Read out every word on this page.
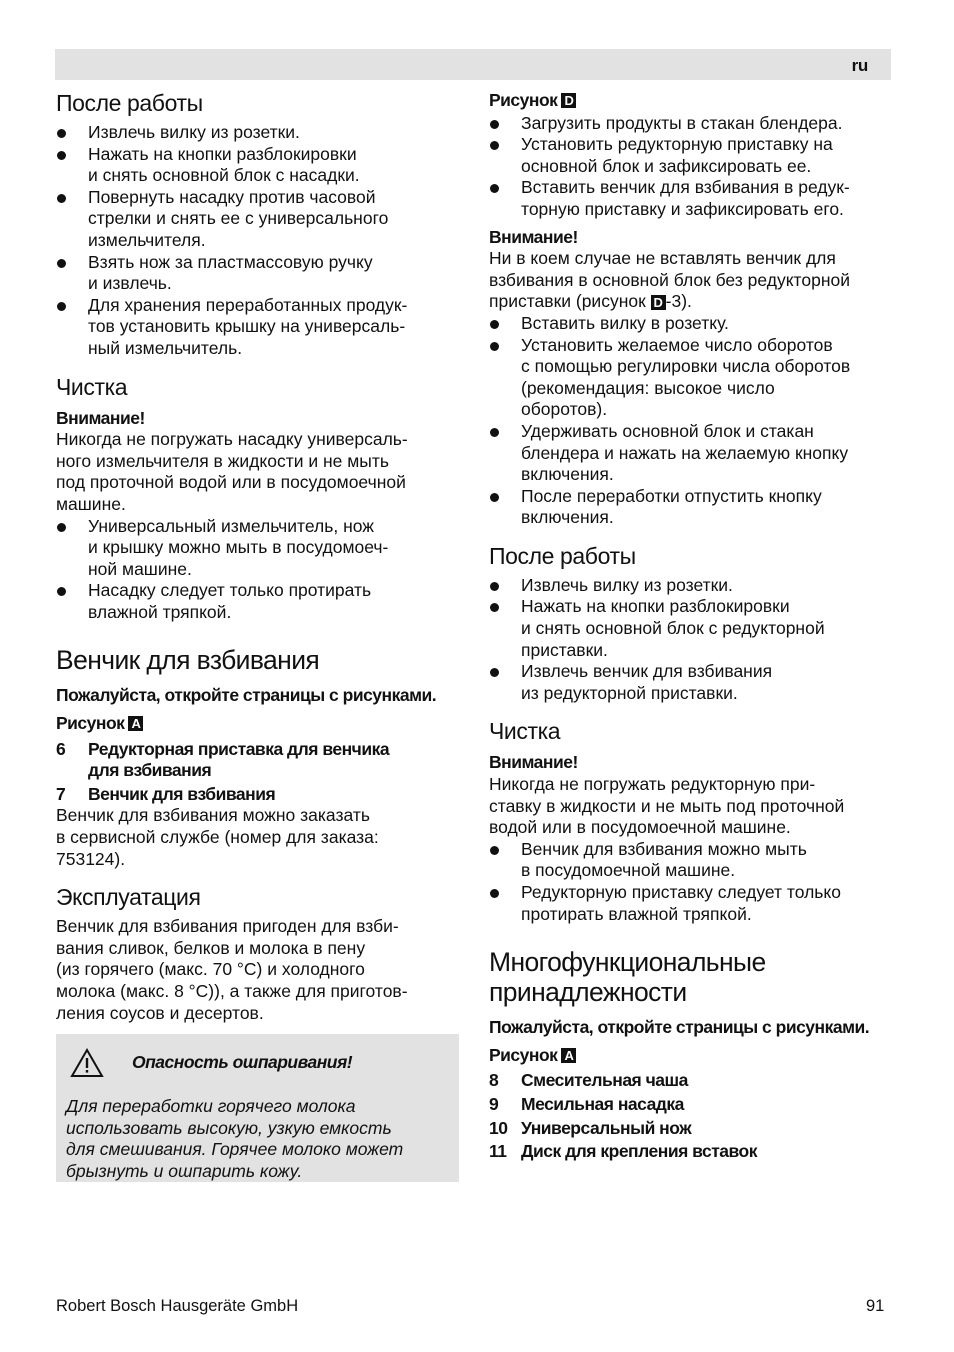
ru
После работы
Извлечь вилку из розетки.
Нажать на кнопки разблокировки
и снять основной блок с насадки.
Повернуть насадку против часовой
стрелки и снять ее с универсального
измельчителя.
Взять нож за пластмассовую ручку
и извлечь.
Для хранения переработанных продук-
тов установить крышку на универсаль-
ный измельчитель.
Чистка

Внимание!

Никогда не погружать насадку универсаль-
ного измельчителя в жидкости и не мыть
под проточной водой или в посудомоечной
машине.

Универсальный измельчитель, нож
и крышку можно мыть в посудомоеч-
ной машине.
Насадку следует только протирать
влажной тряпкой.
Венчик для взбивания

Пожалуйста, откройте страницы с рисунками.

Рисунок A

6	Редукторная приставка для венчика
для взбивания
7	Венчик для взбивания

Венчик для взбивания можно заказать
в сервисной службе (номер для заказа:
753124).

Эксплуатация

Венчик для взбивания пригоден для взби-
вания сливок, белков и молока в пену
(из горячего (макс. 70 °C) и холодного
молока (макс. 8 °C)), а также для приготов-
ления соусов и десертов.

Опасность ошпаривания!

Для переработки горячего молока
использовать высокую, узкую емкость
для смешивания. Горячее молоко может
брызнуть и ошпарить кожу.

Рисунок D

Загрузить продукты в стакан блендера.
Установить редукторную приставку на
основной блок и зафиксировать ее.
Вставить венчик для взбивания в редук-
торную приставку и зафиксировать его.

Внимание!

Ни в коем случае не вставлять венчик для
взбивания в основной блок без редукторной
приставки (рисунок D -3).

Вставить вилку в розетку.
Установить желаемое число оборотов
с помощью регулировки числа оборотов
(рекомендация: высокое число
оборотов).
Удерживать основной блок и стакан
блендера и нажать на желаемую кнопку
включения.
После переработки отпустить кнопку
включения.
После работы
Извлечь вилку из розетки.
Нажать на кнопки разблокировки
и снять основной блок с редукторной
приставки.
Извлечь венчик для взбивания
из редукторной приставки.
Чистка

Внимание!

Никогда не погружать редукторную при-
ставку в жидкости и не мыть под проточной
водой или в посудомоечной машине.

Венчик для взбивания можно мыть
в посудомоечной машине.
Редукторную приставку следует только
протирать влажной тряпкой.
Многофункциональные
принадлежности

Пожалуйста, откройте страницы с рисунками.

Рисунок A

8	Смесительная чаша
9	Месильная насадка
10 Универсальный нож
11 Диск для крепления вставок
Robert Bosch Hausgeräte GmbH	91
